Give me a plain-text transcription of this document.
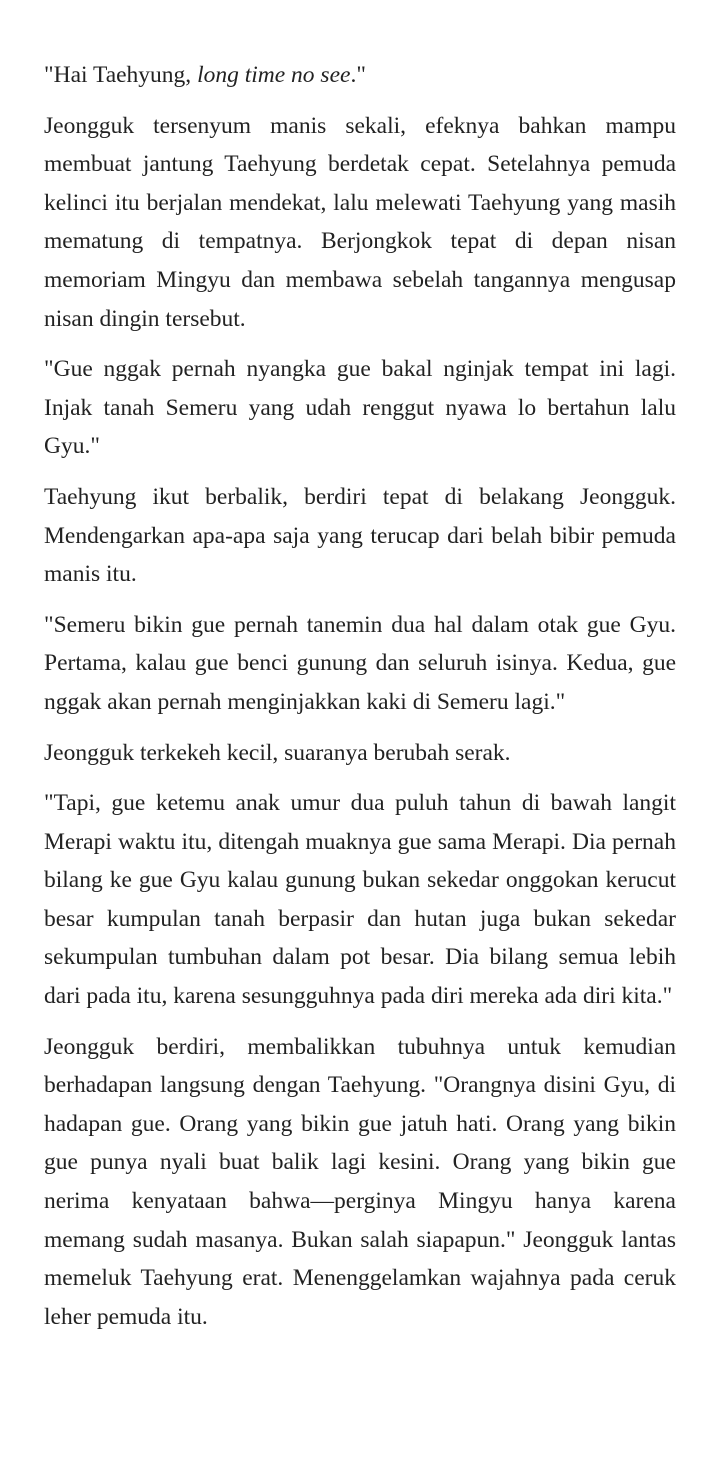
"Hai Taehyung, long time no see."

Jeongguk tersenyum manis sekali, efeknya bahkan mampu membuat jantung Taehyung berdetak cepat. Setelahnya pemuda kelinci itu berjalan mendekat, lalu melewati Taehyung yang masih mematung di tempatnya. Berjongkok tepat di depan nisan memoriam Mingyu dan membawa sebelah tangannya mengusap nisan dingin tersebut.

"Gue nggak pernah nyangka gue bakal nginjak tempat ini lagi. Injak tanah Semeru yang udah renggut nyawa lo bertahun lalu Gyu."

Taehyung ikut berbalik, berdiri tepat di belakang Jeongguk. Mendengarkan apa-apa saja yang terucap dari belah bibir pemuda manis itu.

"Semeru bikin gue pernah tanemin dua hal dalam otak gue Gyu. Pertama, kalau gue benci gunung dan seluruh isinya. Kedua, gue nggak akan pernah menginjakkan kaki di Semeru lagi."

Jeongguk terkekeh kecil, suaranya berubah serak.

"Tapi, gue ketemu anak umur dua puluh tahun di bawah langit Merapi waktu itu, ditengah muaknya gue sama Merapi. Dia pernah bilang ke gue Gyu kalau gunung bukan sekedar onggokan kerucut besar kumpulan tanah berpasir dan hutan juga bukan sekedar sekumpulan tumbuhan dalam pot besar. Dia bilang semua lebih dari pada itu, karena sesungguhnya pada diri mereka ada diri kita."

Jeongguk berdiri, membalikkan tubuhnya untuk kemudian berhadapan langsung dengan Taehyung. "Orangnya disini Gyu, di hadapan gue. Orang yang bikin gue jatuh hati. Orang yang bikin gue punya nyali buat balik lagi kesini. Orang yang bikin gue nerima kenyataan bahwa—perginya Mingyu hanya karena memang sudah masanya. Bukan salah siapapun." Jeongguk lantas memeluk Taehyung erat. Menenggelamkan wajahnya pada ceruk leher pemuda itu.
